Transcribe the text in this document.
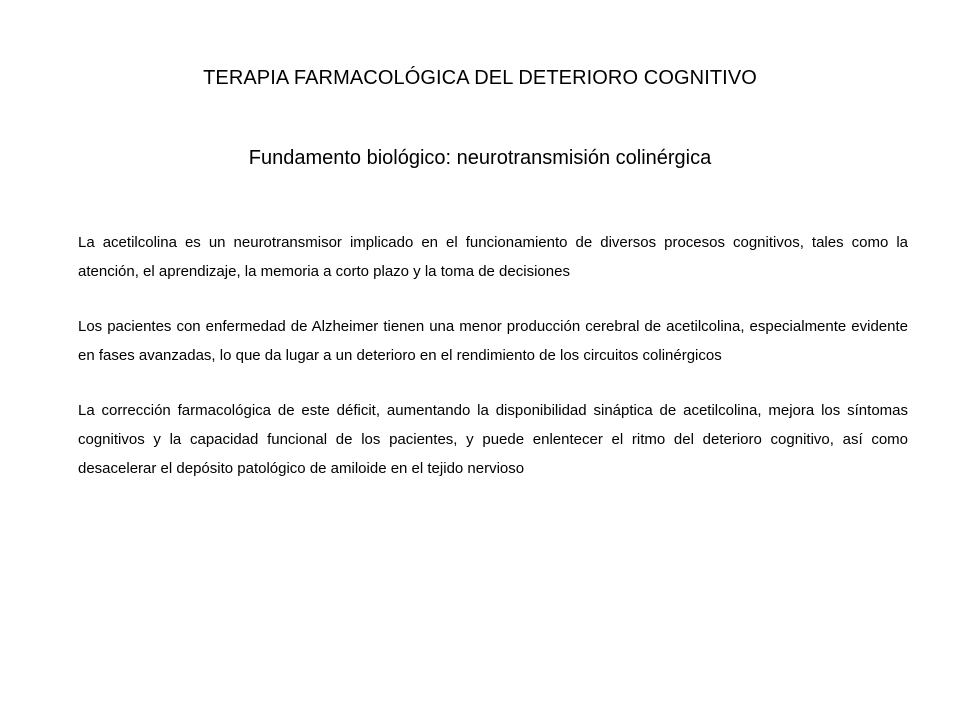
TERAPIA FARMACOLÓGICA DEL DETERIORO COGNITIVO
Fundamento biológico: neurotransmisión colinérgica

La acetilcolina es un neurotransmisor implicado en el funcionamiento de diversos procesos cognitivos, tales como la atención, el aprendizaje, la memoria a corto plazo y la toma de decisiones

Los pacientes con enfermedad de Alzheimer tienen una menor producción cerebral de acetilcolina, especialmente evidente en fases avanzadas, lo que da lugar a un deterioro en el rendimiento de los circuitos colinérgicos

La corrección farmacológica de este déficit, aumentando la disponibilidad sináptica de acetilcolina, mejora los síntomas cognitivos y la capacidad funcional de los pacientes, y puede enlentecer el ritmo del deterioro cognitivo, así como desacelerar el depósito patológico de amiloide en el tejido nervioso
